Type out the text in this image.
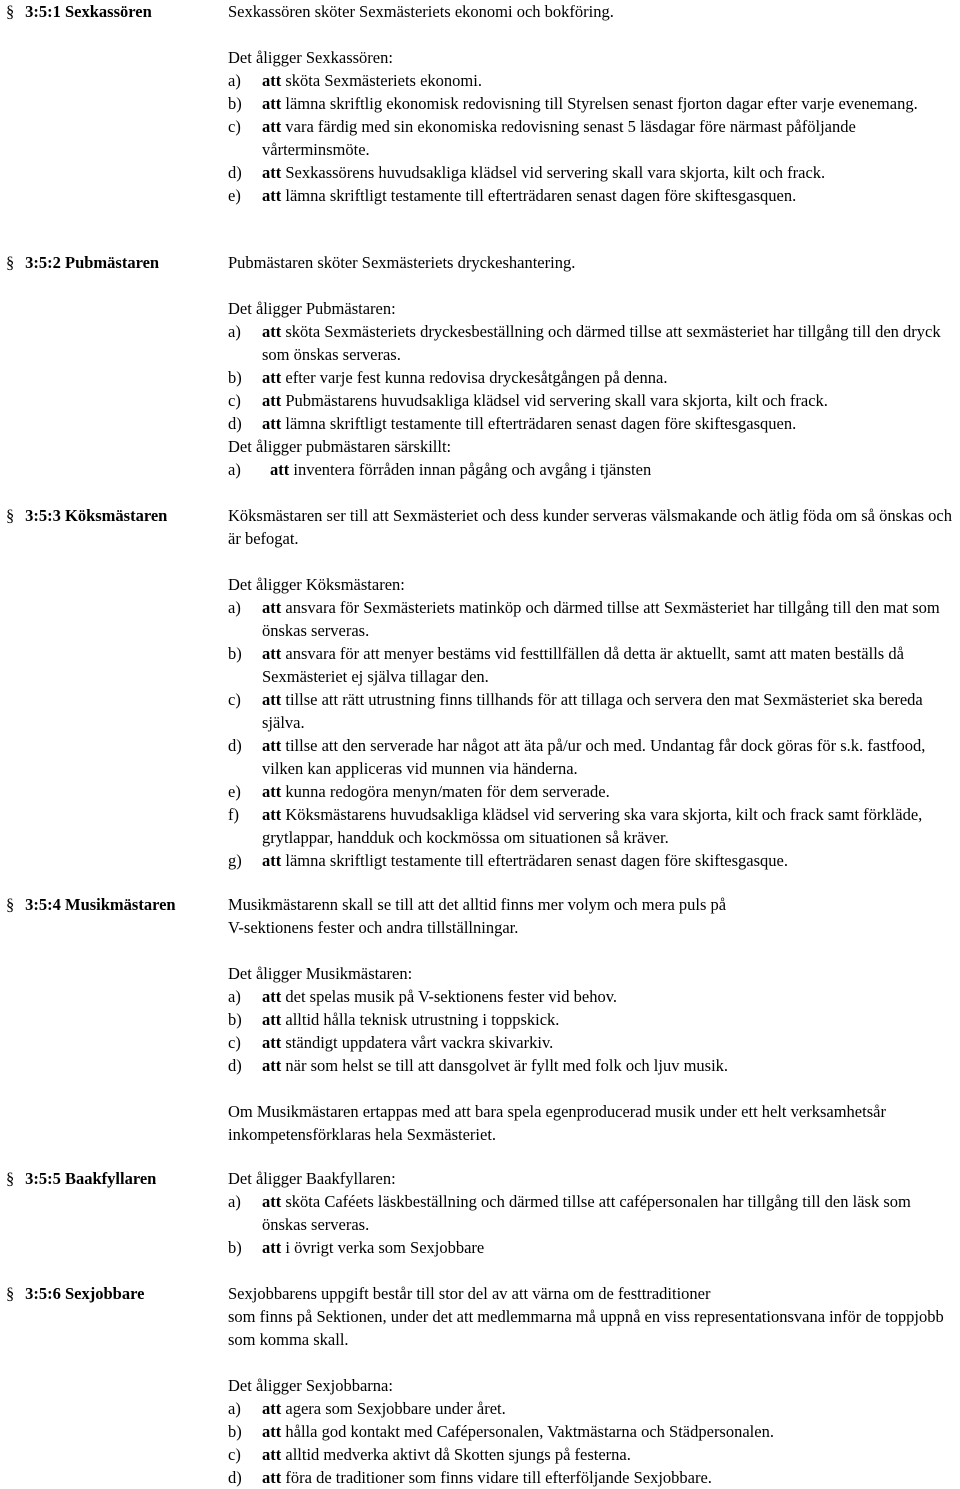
§ 3:5:1 Sexkassören	Sexkassören sköter Sexmästeriets ekonomi och bokföring.

Det åligger Sexkassören:

a)	att sköta Sexmästeriets ekonomi.
b)	att lämna skriftlig ekonomisk redovisning till Styrelsen senast fjorton dagar efter varje evenemang.
c)	att vara färdig med sin ekonomiska redovisning senast 5 läsdagar före närmast påföljande vårterminsmöte.
d)	att Sexkassörens huvudsakliga klädsel vid servering skall vara skjorta, kilt och frack.
e)	att lämna skriftligt testamente till efterträdaren senast dagen före skiftesgasquen.
§ 3:5:2 Pubmästaren	Pubmästaren sköter Sexmästeriets dryckeshantering.

Det åligger Pubmästaren:

a)	att sköta Sexmästeriets dryckesbeställning och därmed tillse att sexmästeriet har tillgång till den dryck som önskas serveras.
b)	att efter varje fest kunna redovisa dryckesåtgången på denna.
c)	att Pubmästarens huvudsakliga klädsel vid servering skall vara skjorta, kilt och frack.
d)	att lämna skriftligt testamente till efterträdaren senast dagen före skiftesgasquen.

Det åligger pubmästaren särskillt:

a)	att inventera förråden innan pågång och avgång i tjänsten
§ 3:5:3 Köksmästaren	Köksmästaren ser till att Sexmästeriet och dess kunder serveras välsmakande och ätlig föda om så önskas och är befogat.

Det åligger Köksmästaren:

a)	att ansvara för Sexmästeriets matinköp och därmed tillse att Sexmästeriet har tillgång till den mat som önskas serveras.
b)	att ansvara för att menyer bestäms vid festtillfällen då detta är aktuellt, samt att maten beställs då Sexmästeriet ej själva tillagar den.
c)	att tillse att rätt utrustning finns tillhands för att tillaga och servera den mat Sexmästeriet ska bereda själva.
d)	att tillse att den serverade har något att äta på/ur och med. Undantag får dock göras för s.k. fastfood, vilken kan appliceras vid munnen via händerna.
e)	att kunna redogöra menyn/maten för dem serverade.
f)	att Köksmästarens huvudsakliga klädsel vid servering ska vara skjorta, kilt och frack samt förkläde, grytlappar, handduk och kockmössa om situationen så kräver.
g)	att lämna skriftligt testamente till efterträdaren senast dagen före skiftesgasque.
§ 3:5:4 Musikmästaren	Musikmästarenn skall se till att det alltid finns mer volym och mera puls på

V-sektionens fester och andra tillställningar.

Det åligger Musikmästaren:

a)	att det spelas musik på V-sektionens fester vid behov.
b)	att alltid hålla teknisk utrustning i toppskick.
c)	att ständigt uppdatera vårt vackra skivarkiv.
d)	att när som helst se till att dansgolvet är fyllt med folk och ljuv musik.

Om Musikmästaren ertappas med att bara spela egenproducerad musik under ett helt verksamhetsår inkompetensförklaras hela Sexmästeriet.

§ 3:5:5 Baakfyllaren	Det åligger Baakfyllaren:

a)	att sköta Caféets läskbeställning och därmed tillse att cafépersonalen har tillgång till den läsk som önskas serveras.
b)	att i övrigt verka som Sexjobbare
§ 3:5:6 Sexjobbare	Sexjobbarens uppgift består till stor del av att värna om de festtraditioner

som finns på Sektionen, under det att medlemmarna må uppnå en viss representationsvana inför de toppjobb som komma skall.

Det åligger Sexjobbarna:

a)	att agera som Sexjobbare under året.
b)	att hålla god kontakt med Cafépersonalen, Vaktmästarna och Städpersonalen.
c)	att alltid medverka aktivt då Skotten sjungs på festerna.
d)	att föra de traditioner som finns vidare till efterföljande Sexjobbare.
